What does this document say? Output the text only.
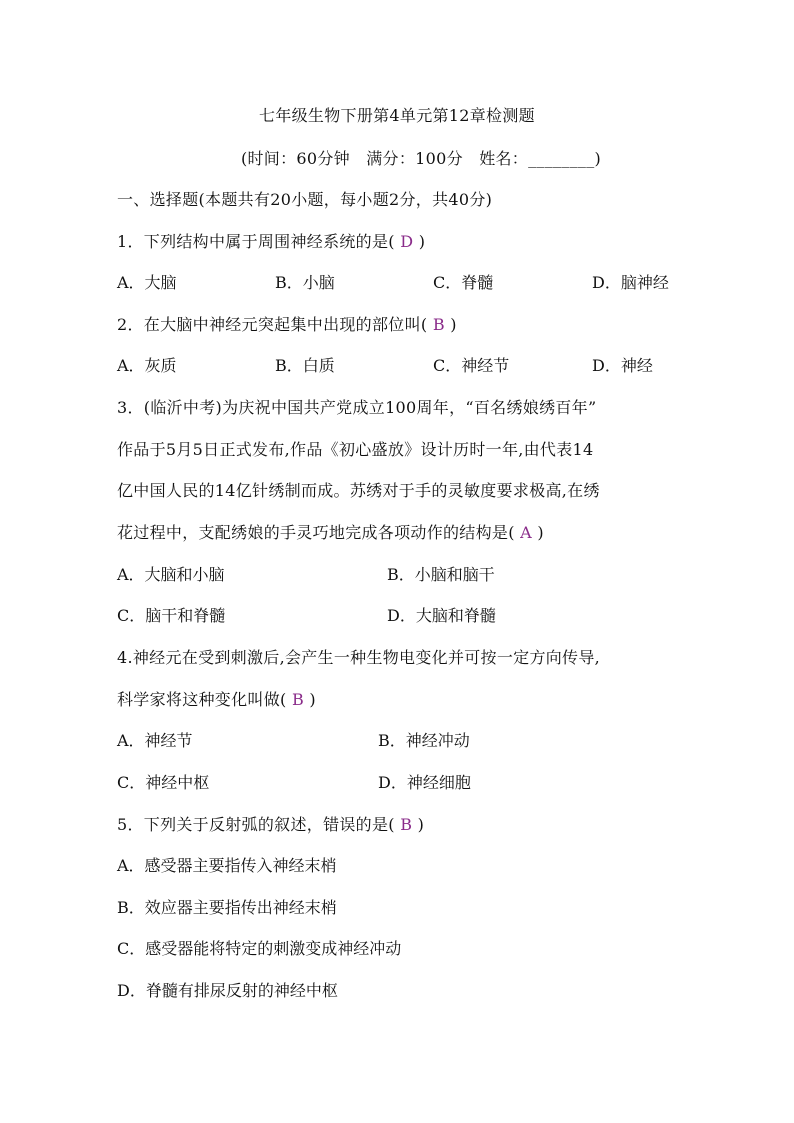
七年级生物下册第4单元第12章检测题
(时间：60分钟　满分：100分　姓名：________)
一、选择题(本题共有20小题，每小题2分，共40分)
1．下列结构中属于周围神经系统的是( D )
A．大脑	B．小脑	C．脊髓	D．脑神经
2．在大脑中神经元突起集中出现的部位叫( B )
A．灰质	B．白质	C．神经节	D．神经
3．(临沂中考)为庆祝中国共产党成立100周年，“百名绣娘绣百年”
作品于5月5日正式发布,作品《初心盛放》设计历时一年,由代表14
亿中国人民的14亿针绣制而成。苏绣对于手的灵敏度要求极高,在绣
花过程中，支配绣娘的手灵巧地完成各项动作的结构是( A )
A．大脑和小脑	B．小脑和脑干
C．脑干和脊髓	D．大脑和脊髓
4.神经元在受到刺激后,会产生一种生物电变化并可按一定方向传导,
科学家将这种变化叫做( B )
A．神经节	B．神经冲动
C．神经中枢	D．神经细胞
5．下列关于反射弧的叙述，错误的是( B )
A．感受器主要指传入神经末梢
B．效应器主要指传出神经末梢
C．感受器能将特定的刺激变成神经冲动
D．脊髓有排尿反射的神经中枢
